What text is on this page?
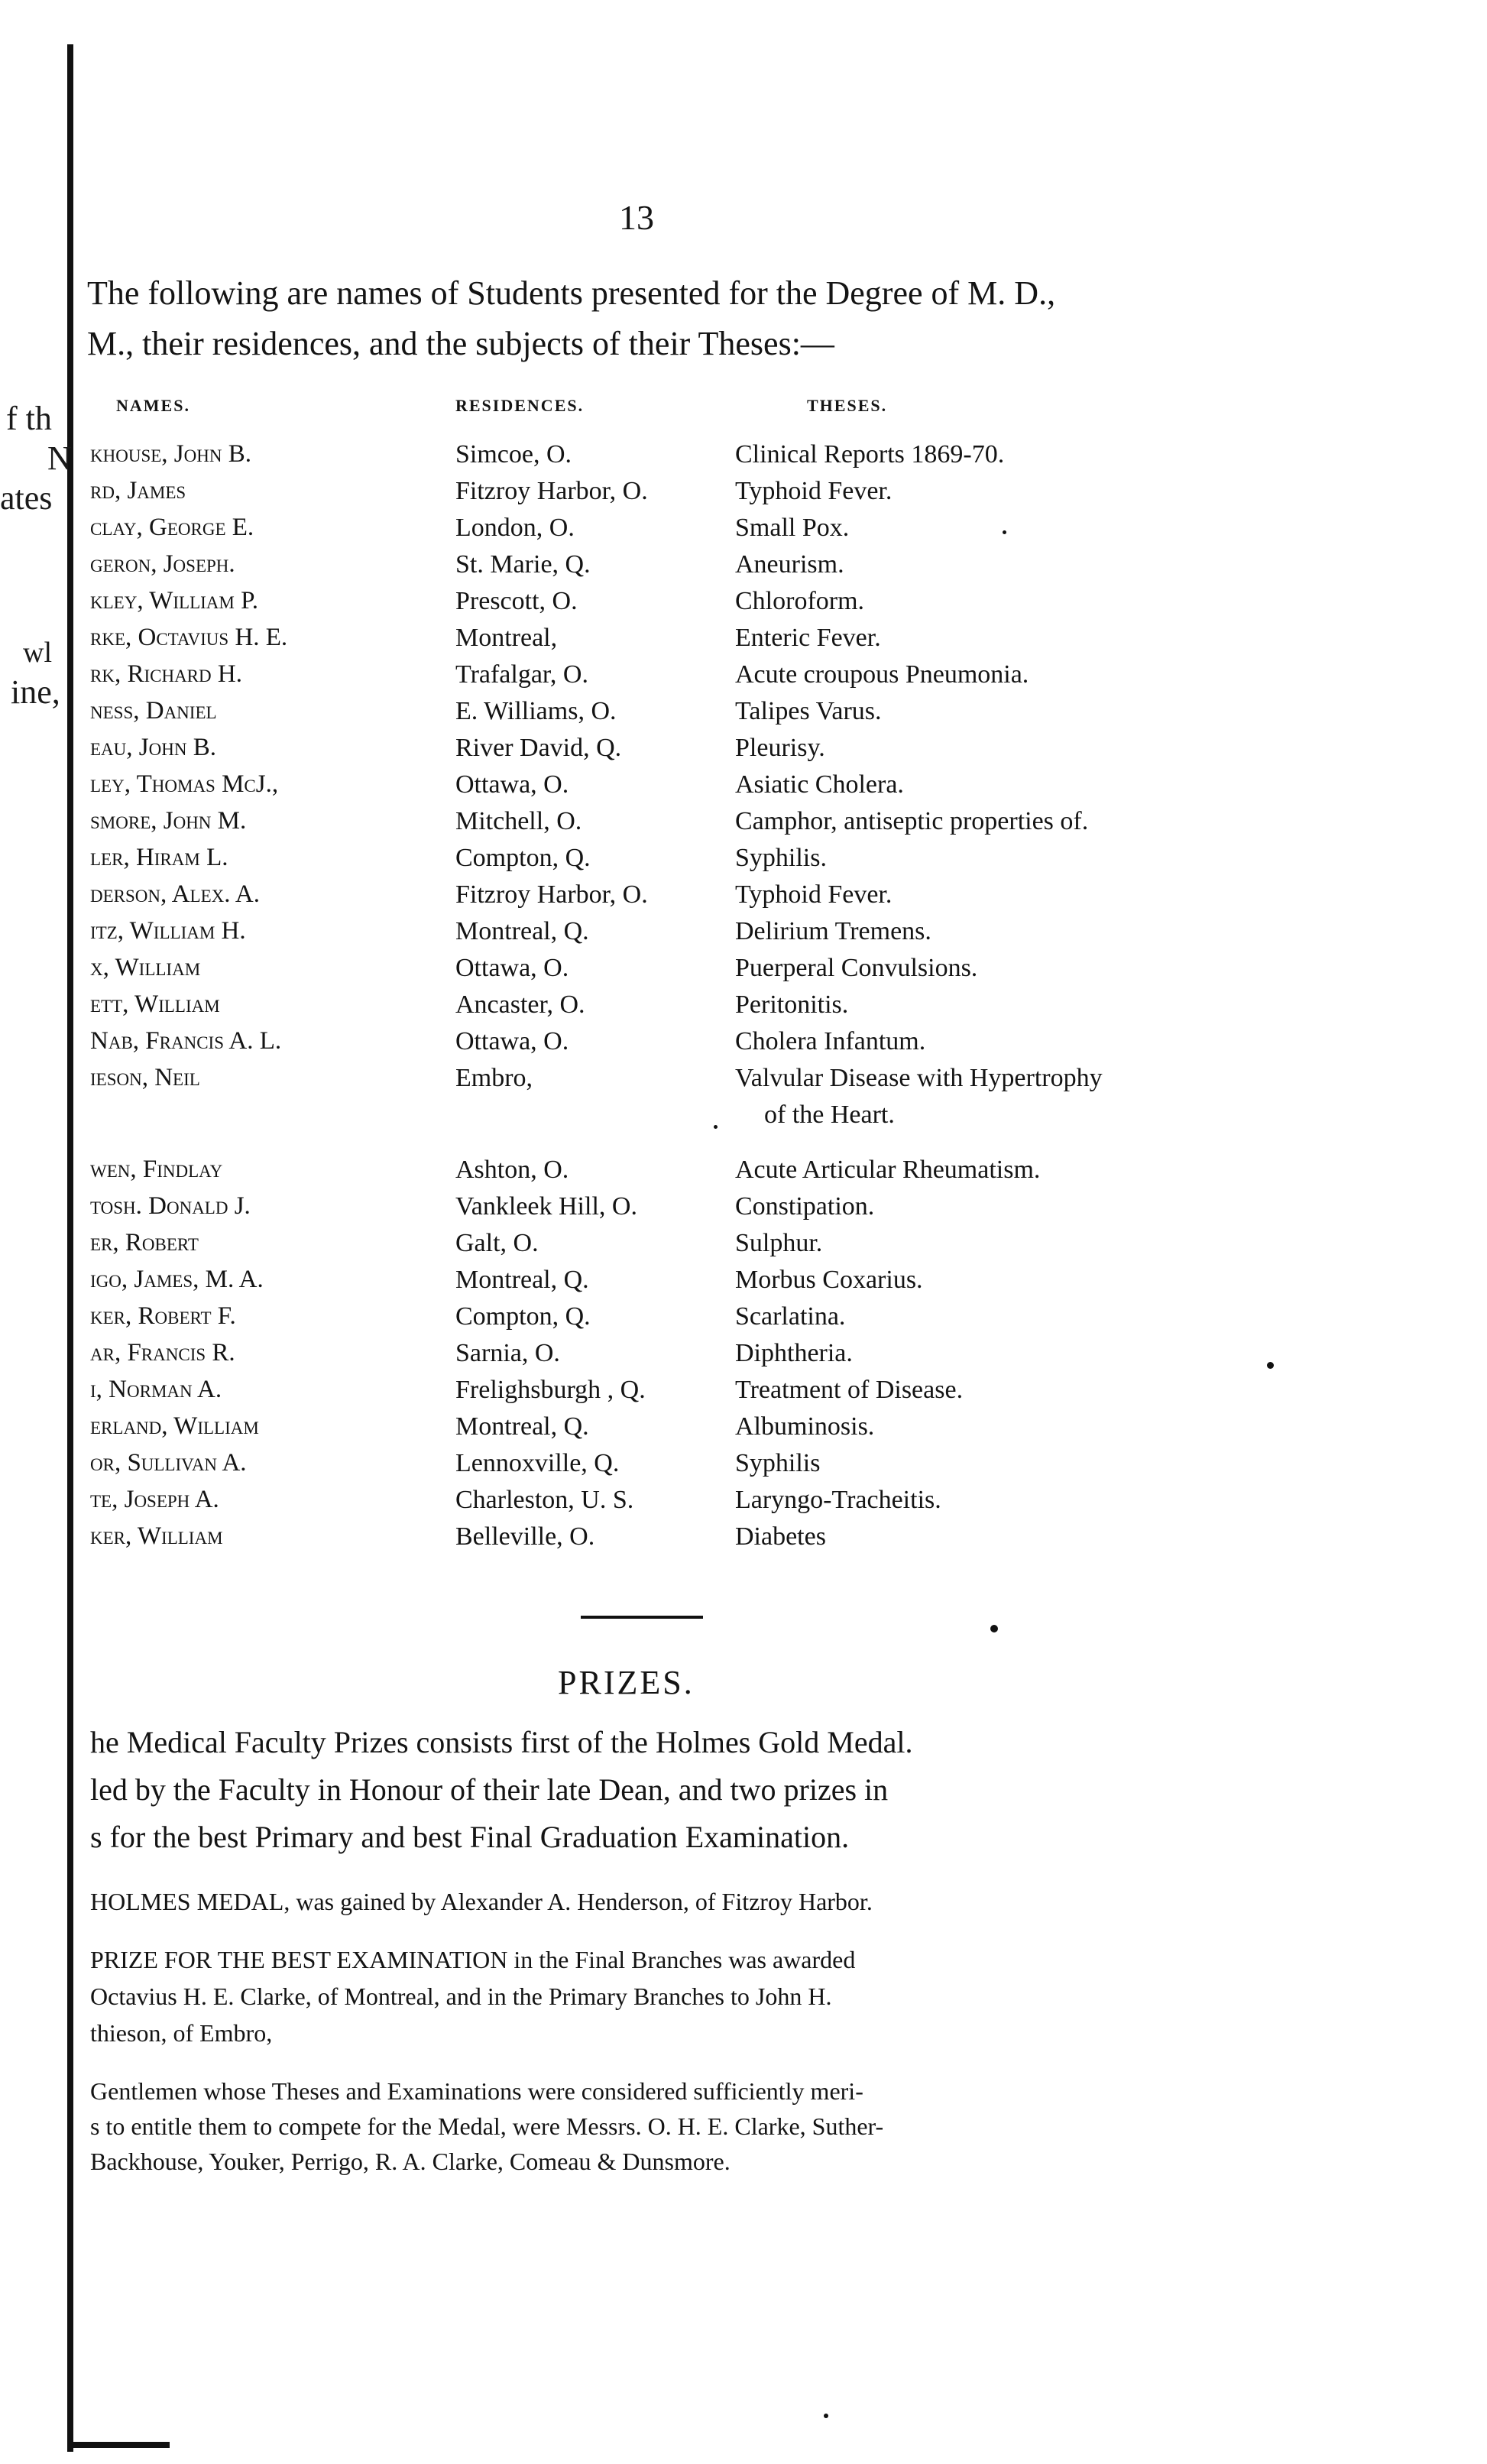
f th
N
ates
wl
ine,
13
The following are names of Students presented for the Degree of M. D.,
M., their residences, and the subjects of their Theses:—
NAMES.	RESIDENCES.	THESES.
khouse, John B.	Simcoe, O.	Clinical Reports 1869-70.
rd, James	Fitzroy Harbor, O.	Typhoid Fever.
clay, George E.	London, O.	Small Pox.
geron, Joseph.	St. Marie, Q.	Aneurism.
kley, William P.	Prescott, O.	Chloroform.
rke, Octavius H. E.	Montreal,	Enteric Fever.
rk, Richard H.	Trafalgar, O.	Acute croupous Pneumonia.
ness, Daniel	E. Williams, O.	Talipes Varus.
eau, John B.	River David, Q.	Pleurisy.
ley, Thomas McJ.,	Ottawa, O.	Asiatic Cholera.
smore, John M.	Mitchell, O.	Camphor, antiseptic properties of.
ler, Hiram L.	Compton, Q.	Syphilis.
derson, Alex. A.	Fitzroy Harbor, O.	Typhoid Fever.
itz, William H.	Montreal, Q.	Delirium Tremens.
x, William	Ottawa, O.	Puerperal Convulsions.
ett, William	Ancaster, O.	Peritonitis.
Nab, Francis A. L.	Ottawa, O.	Cholera Infantum.
ieson, Neil	Embro,	Valvular Disease with Hypertrophy
of the Heart.
wen, Findlay	Ashton, O.	Acute Articular Rheumatism.
tosh. Donald J.	Vankleek Hill, O.	Constipation.
er, Robert	Galt, O.	Sulphur.
igo, James, M. A.	Montreal, Q.	Morbus Coxarius.
ker, Robert F.	Compton, Q.	Scarlatina.
ar, Francis R.	Sarnia, O.	Diphtheria.
i, Norman A.	Frelighsburgh , Q.	Treatment of Disease.
erland, William	Montreal, Q.	Albuminosis.
or, Sullivan A.	Lennoxville, Q.	Syphilis
te, Joseph A.	Charleston, U. S.	Laryngo-Tracheitis.
ker, William	Belleville, O.	Diabetes
PRIZES.
he Medical Faculty Prizes consists first of the Holmes Gold Medal.
led by the Faculty in Honour of their late Dean, and two prizes in
s for the best Primary and best Final Graduation Examination.
HOLMES MEDAL, was gained by Alexander A. Henderson, of Fitzroy Harbor.
PRIZE FOR THE BEST EXAMINATION in the Final Branches was awarded
Octavius H. E. Clarke, of Montreal, and in the Primary Branches to John H.
thieson, of Embro,
Gentlemen whose Theses and Examinations were considered sufficiently meri-
s to entitle them to compete for the Medal, were Messrs. O. H. E. Clarke, Suther-
Backhouse, Youker, Perrigo, R. A. Clarke, Comeau & Dunsmore.
